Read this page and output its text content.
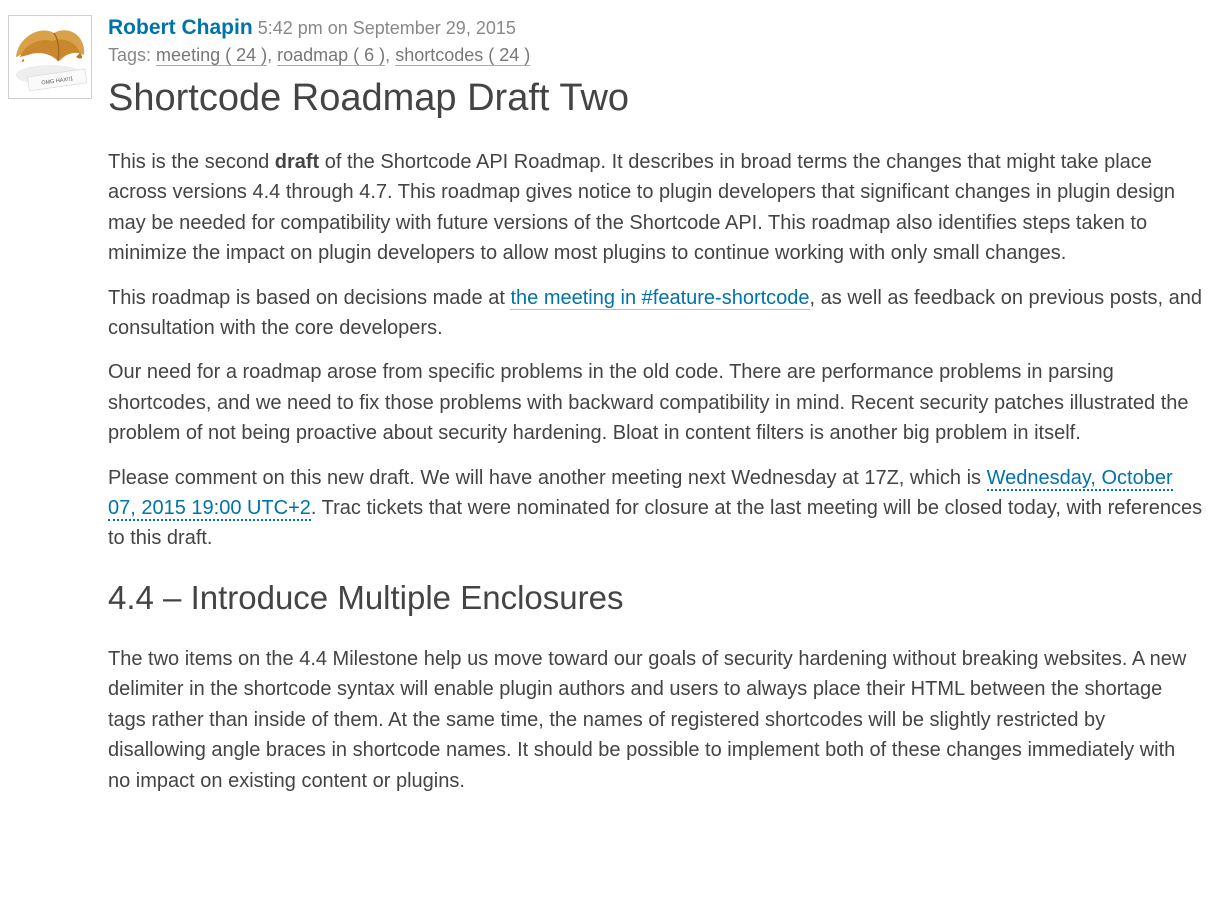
OMG HAX!!1
Robert Chapin 5:42 pm on September 29, 2015
Tags: meeting ( 24 ), roadmap ( 6 ), shortcodes ( 24 )
Shortcode Roadmap Draft Two

This is the second draft of the Shortcode API Roadmap. It describes in broad terms the changes that might take place across versions 4.4 through 4.7. This roadmap gives notice to plugin developers that significant changes in plugin design may be needed for compatibility with future versions of the Shortcode API. This roadmap also identifies steps taken to minimize the impact on plugin developers to allow most plugins to continue working with only small changes.

This roadmap is based on decisions made at the meeting in #feature-shortcode, as well as feedback on previous posts, and consultation with the core developers.

Our need for a roadmap arose from specific problems in the old code. There are performance problems in parsing shortcodes, and we need to fix those problems with backward compatibility in mind. Recent security patches illustrated the problem of not being proactive about security hardening. Bloat in content filters is another big problem in itself.

Please comment on this new draft. We will have another meeting next Wednesday at 17Z, which is Wednesday, October 07, 2015 19:00 UTC+2. Trac tickets that were nominated for closure at the last meeting will be closed today, with references to this draft.

4.4 – Introduce Multiple Enclosures

The two items on the 4.4 Milestone help us move toward our goals of security hardening without breaking websites. A new delimiter in the shortcode syntax will enable plugin authors and users to always place their HTML between the shortage tags rather than inside of them. At the same time, the names of registered shortcodes will be slightly restricted by disallowing angle braces in shortcode names. It should be possible to implement both of these changes immediately with no impact on existing content or plugins.
